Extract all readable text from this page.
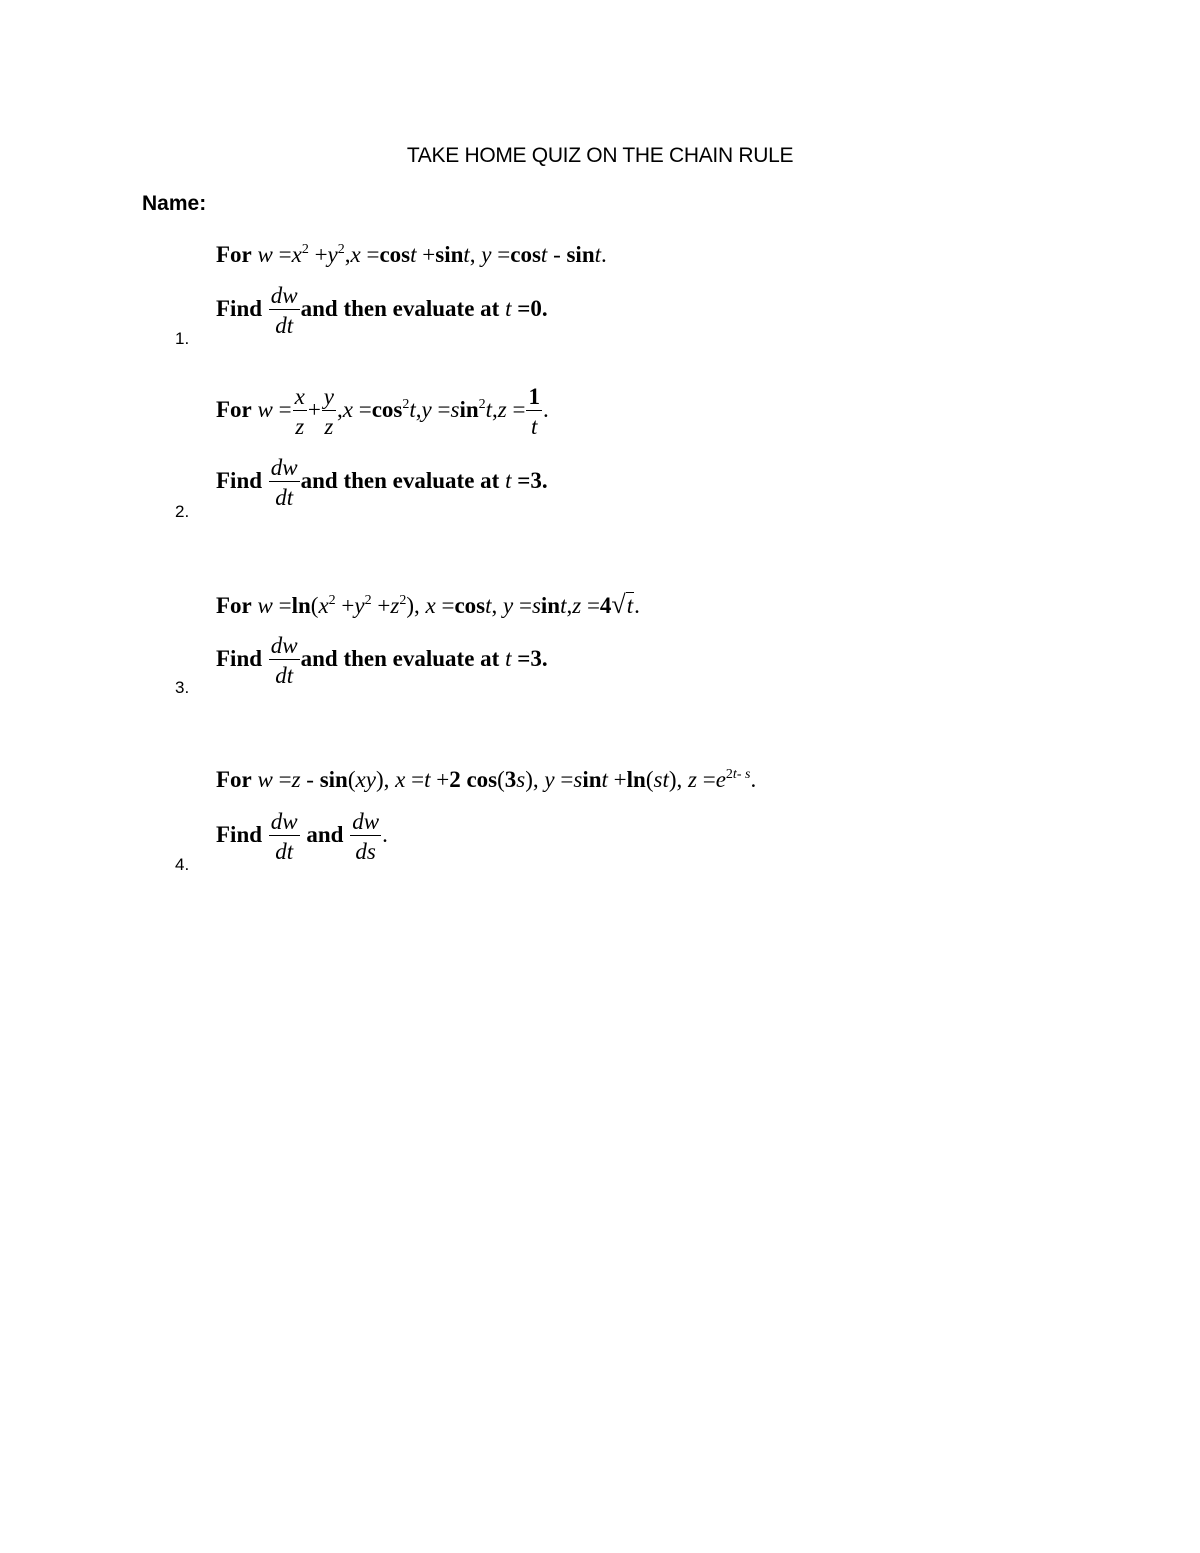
TAKE HOME QUIZ ON THE CHAIN RULE
Name:
For $w =x^2 +y^2,x =\cos t +\sin t$, y =cost - sint.
Find $\frac{dw}{dt}$ and then evaluate at t =0.
1.
For $w = \frac{x}{z} + \frac{y}{z} ,x =\cos^2t,y =\sin^2t,z = \frac{1}{t}$ .
Find $\frac{dw}{dt}$ and then evaluate at t =3.
2.
For $w =\ln(x^2 +y^2 +z^2)$, x =cost, y =sint,z =4√t.
Find $\frac{dw}{dt}$ and then evaluate at t =3.
3.
For w =z - sin(xy), x =t +2 cos(3s), y =sint +ln(st), $z =e^{2t- s}$.
Find $\frac{dw}{dt}$ and $\frac{dw}{ds}$ .
4.
